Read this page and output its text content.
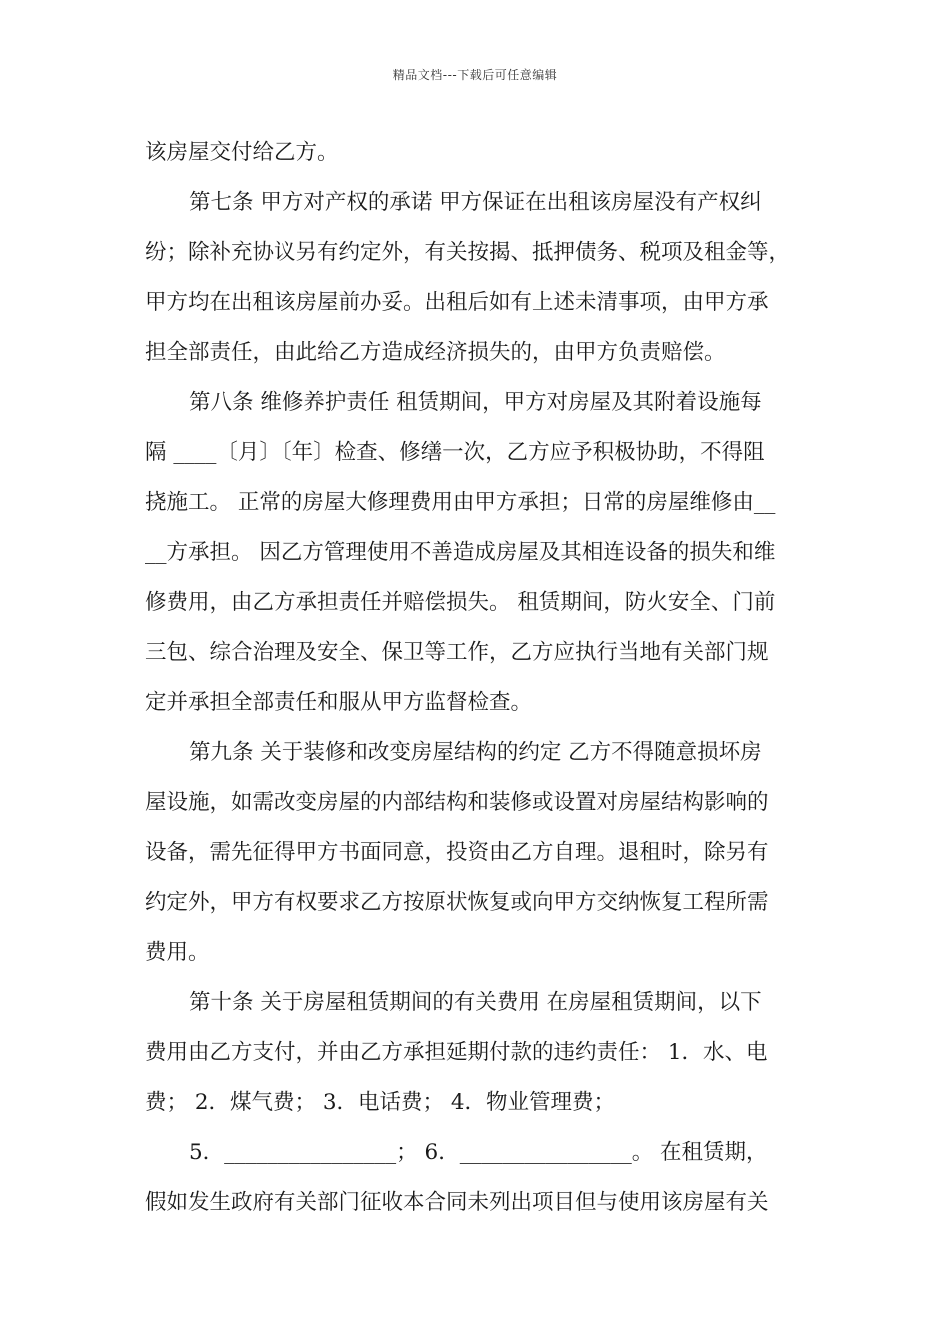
精品文档---下载后可任意编辑
该房屋交付给乙方。
第七条 甲方对产权的承诺 甲方保证在出租该房屋没有产权纠
纷；除补充协议另有约定外，有关按揭、抵押债务、税项及租金等，
甲方均在出租该房屋前办妥。出租后如有上述未清事项，由甲方承
担全部责任，由此给乙方造成经济损失的，由甲方负责赔偿。
第八条 维修养护责任 租赁期间，甲方对房屋及其附着设施每
隔 ____〔月〕〔年〕检查、修缮一次，乙方应予积极协助，不得阻
挠施工。 正常的房屋大修理费用由甲方承担；日常的房屋维修由__
__方承担。 因乙方管理使用不善造成房屋及其相连设备的损失和维
修费用，由乙方承担责任并赔偿损失。 租赁期间，防火安全、门前
三包、综合治理及安全、保卫等工作，乙方应执行当地有关部门规
定并承担全部责任和服从甲方监督检查。
第九条 关于装修和改变房屋结构的约定 乙方不得随意损坏房
屋设施，如需改变房屋的内部结构和装修或设置对房屋结构影响的
设备，需先征得甲方书面同意，投资由乙方自理。退租时，除另有
约定外，甲方有权要求乙方按原状恢复或向甲方交纳恢复工程所需
费用。
第十条 关于房屋租赁期间的有关费用 在房屋租赁期间，以下
费用由乙方支付，并由乙方承担延期付款的违约责任： 1．水、电
费； 2．煤气费； 3．电话费； 4．物业管理费；
5．________________； 6．________________。 在租赁期，
假如发生政府有关部门征收本合同未列出项目但与使用该房屋有关
